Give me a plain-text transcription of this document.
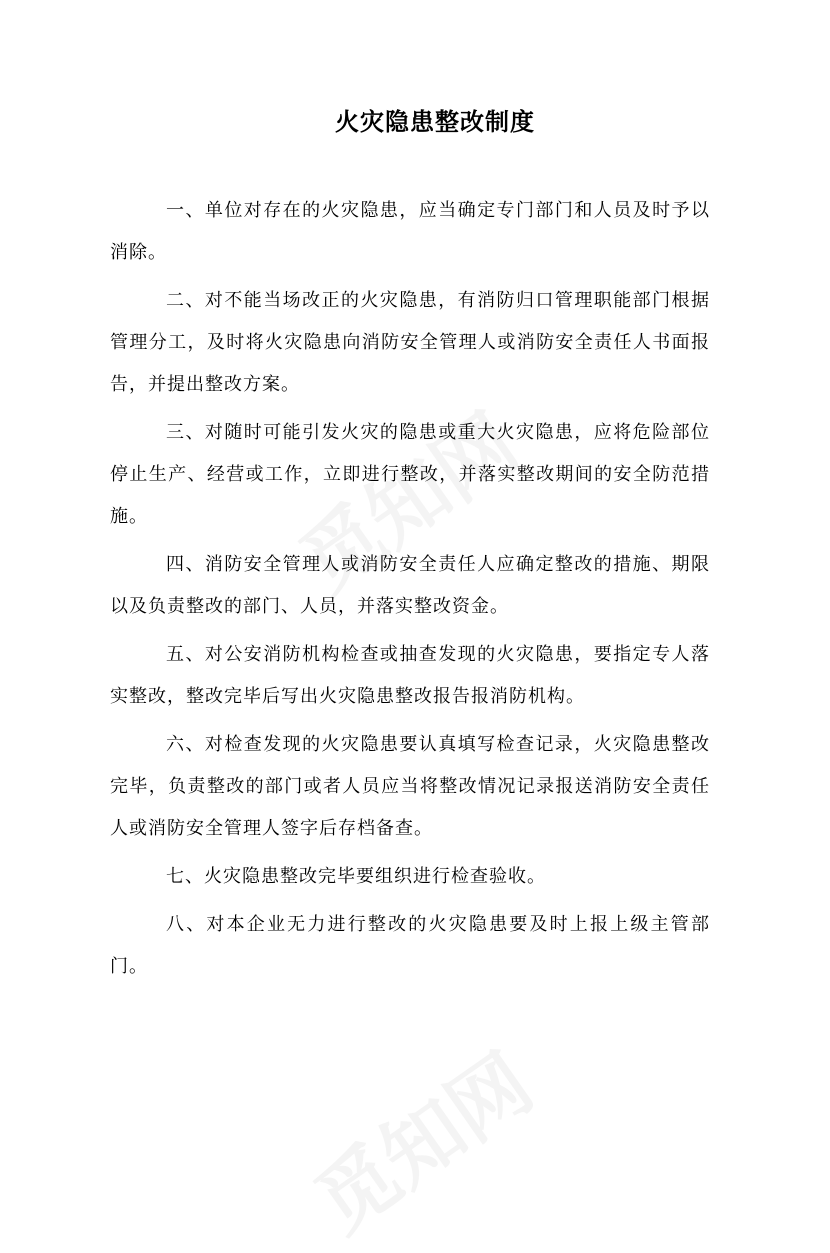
火灾隐患整改制度

一、单位对存在的火灾隐患，应当确定专门部门和人员及时予以消除。

二、对不能当场改正的火灾隐患，有消防归口管理职能部门根据管理分工，及时将火灾隐患向消防安全管理人或消防安全责任人书面报告，并提出整改方案。

三、对随时可能引发火灾的隐患或重大火灾隐患，应将危险部位停止生产、经营或工作，立即进行整改，并落实整改期间的安全防范措施。

四、消防安全管理人或消防安全责任人应确定整改的措施、期限以及负责整改的部门、人员，并落实整改资金。

五、对公安消防机构检查或抽查发现的火灾隐患，要指定专人落实整改，整改完毕后写出火灾隐患整改报告报消防机构。

六、对检查发现的火灾隐患要认真填写检查记录，火灾隐患整改完毕，负责整改的部门或者人员应当将整改情况记录报送消防安全责任人或消防安全管理人签字后存档备查。

七、火灾隐患整改完毕要组织进行检查验收。

八、对本企业无力进行整改的火灾隐患要及时上报上级主管部门。
